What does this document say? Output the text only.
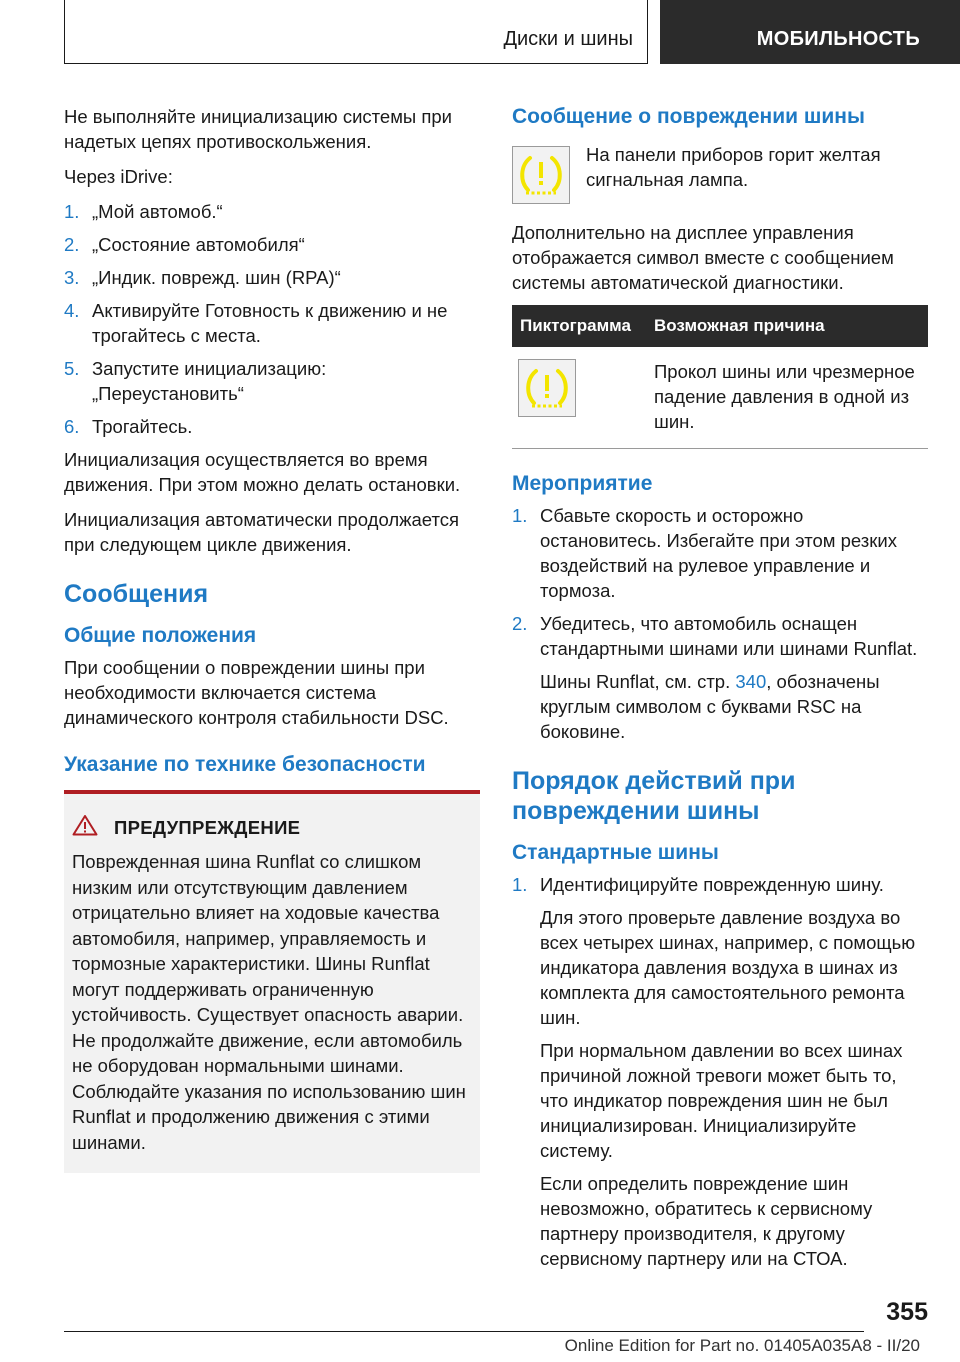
Диски и шины	МОБИЛЬНОСТЬ

Не выполняйте инициализацию системы при надетых цепях противоскольжения.

Через iDrive:

1. „Мой автомоб.“
2. „Состояние автомобиля“
3. „Индик. поврежд. шин (RPA)“
4. Активируйте Готовность к движению и не трогайтесь с места.
5. Запустите инициализацию: „Переустановить“
6. Трогайтесь.

Инициализация осуществляется во время движения. При этом можно делать остановки.

Инициализация автоматически продолжается при следующем цикле движения.

Сообщения
Общие положения

При сообщении о повреждении шины при необходимости включается система динамического контроля стабильности DSC.

Указание по технике безопасности
ПРЕДУПРЕЖДЕНИЕ

Поврежденная шина Runflat со слишком низким или отсутствующим давлением отрицательно влияет на ходовые качества автомобиля, например, управляемость и тормозные характеристики. Шины Runflat могут поддерживать ограниченную устойчивость. Существует опасность аварии. Не продолжайте движение, если автомобиль не оборудован нормальными шинами. Соблюдайте указания по использованию шин Runflat и продолжению движения с этими шинами.

Сообщение о повреждении шины

На панели приборов горит желтая сигнальная лампа.

Дополнительно на дисплее управления отображается символ вместе с сообщением системы автоматической диагностики.

Пиктограмма	Возможная причина

	Прокол шины или чрезмерное падение давления в одной из шин.
Мероприятие
1. Сбавьте скорость и осторожно остановитесь. Избегайте при этом резких воздействий на рулевое управление и тормоза.
2. Убедитесь, что автомобиль оснащен стандартными шинами или шинами Runflat.

Шины Runflat, см. стр. 340, обозначены круглым символом с буквами RSC на боковине.

Порядок действий при повреждении шины
Стандартные шины
1. Идентифицируйте поврежденную шину.

Для этого проверьте давление воздуха во всех четырех шинах, например, с помощью индикатора давления воздуха в шинах из комплекта для самостоятельного ремонта шин.

При нормальном давлении во всех шинах причиной ложной тревоги может быть то, что индикатор повреждения шин не был инициализирован. Инициализируйте систему.

Если определить повреждение шин невозможно, обратитесь к сервисному партнеру производителя, к другому сервисному партнеру или на СТОА.

355
Online Edition for Part no. 01405A035A8 - II/20
